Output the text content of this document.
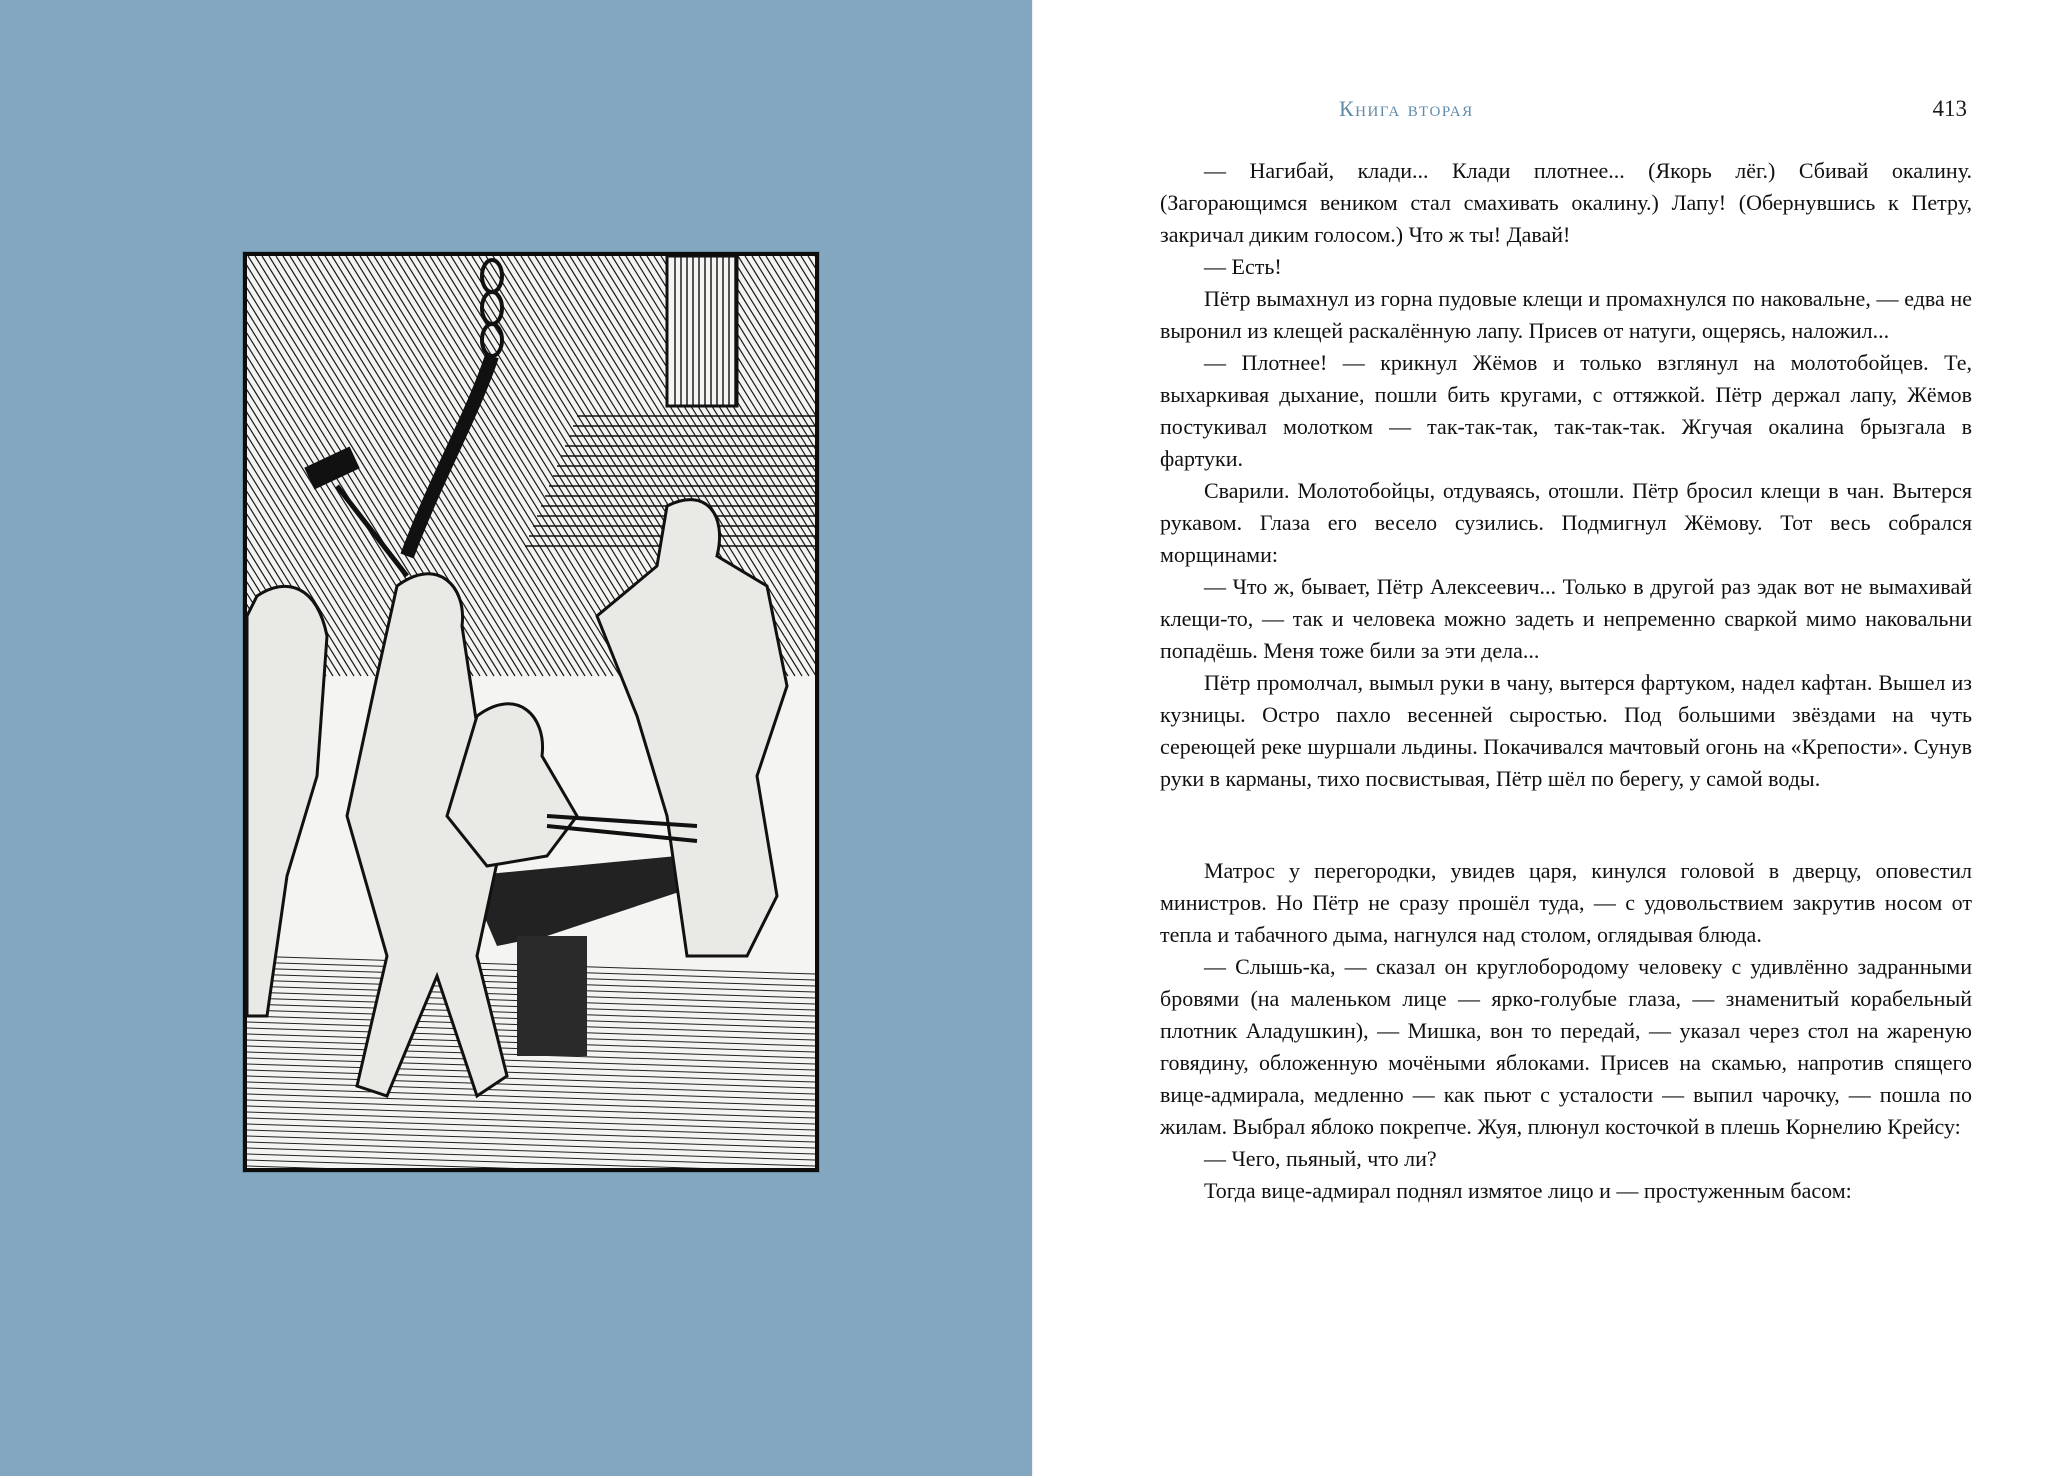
Книга вторая	413

— Нагибай, клади... Клади плотнее... (Якорь лёг.) Сбивай окалину. (Загорающимся веником стал смахивать окалину.) Лапу! (Обернувшись к Петру, закричал диким голосом.) Что ж ты! Давай!

— Есть!

Пётр вымахнул из горна пудовые клещи и промахнулся по наковальне, — едва не выронил из клещей раскалённую лапу. Присев от натуги, ощерясь, наложил...

— Плотнее! — крикнул Жёмов и только взглянул на молотобойцев. Те, выхаркивая дыхание, пошли бить кругами, с оттяжкой. Пётр держал лапу, Жёмов постукивал молотком — так-так-так, так-так-так. Жгучая окалина брызгала в фартуки.

Сварили. Молотобойцы, отдуваясь, отошли. Пётр бросил клещи в чан. Вытерся рукавом. Глаза его весело сузились. Подмигнул Жёмову. Тот весь собрался морщинами:

— Что ж, бывает, Пётр Алексеевич... Только в другой раз эдак вот не вымахивай клещи-то, — так и человека можно задеть и непременно сваркой мимо наковальни попадёшь. Меня тоже били за эти дела...

Пётр промолчал, вымыл руки в чану, вытерся фартуком, надел кафтан. Вышел из кузницы. Остро пахло весенней сыростью. Под большими звёздами на чуть сереющей реке шуршали льдины. Покачивался мачтовый огонь на «Крепости». Сунув руки в карманы, тихо посвистывая, Пётр шёл по берегу, у самой воды.

Матрос у перегородки, увидев царя, кинулся головой в дверцу, оповестил министров. Но Пётр не сразу прошёл туда, — с удовольствием закрутив носом от тепла и табачного дыма, нагнулся над столом, оглядывая блюда.

— Слышь-ка, — сказал он круглобородому человеку с удивлённо задранными бровями (на маленьком лице — ярко-голубые глаза, — знаменитый корабельный плотник Аладушкин), — Мишка, вон то передай, — указал через стол на жареную говядину, обложенную мочёными яблоками. Присев на скамью, напротив спящего вице-адмирала, медленно — как пьют с усталости — выпил чарочку, — пошла по жилам. Выбрал яблоко покрепче. Жуя, плюнул косточкой в плешь Корнелию Крейсу:

— Чего, пьяный, что ли?

Тогда вице-адмирал поднял измятое лицо и — простуженным басом:
